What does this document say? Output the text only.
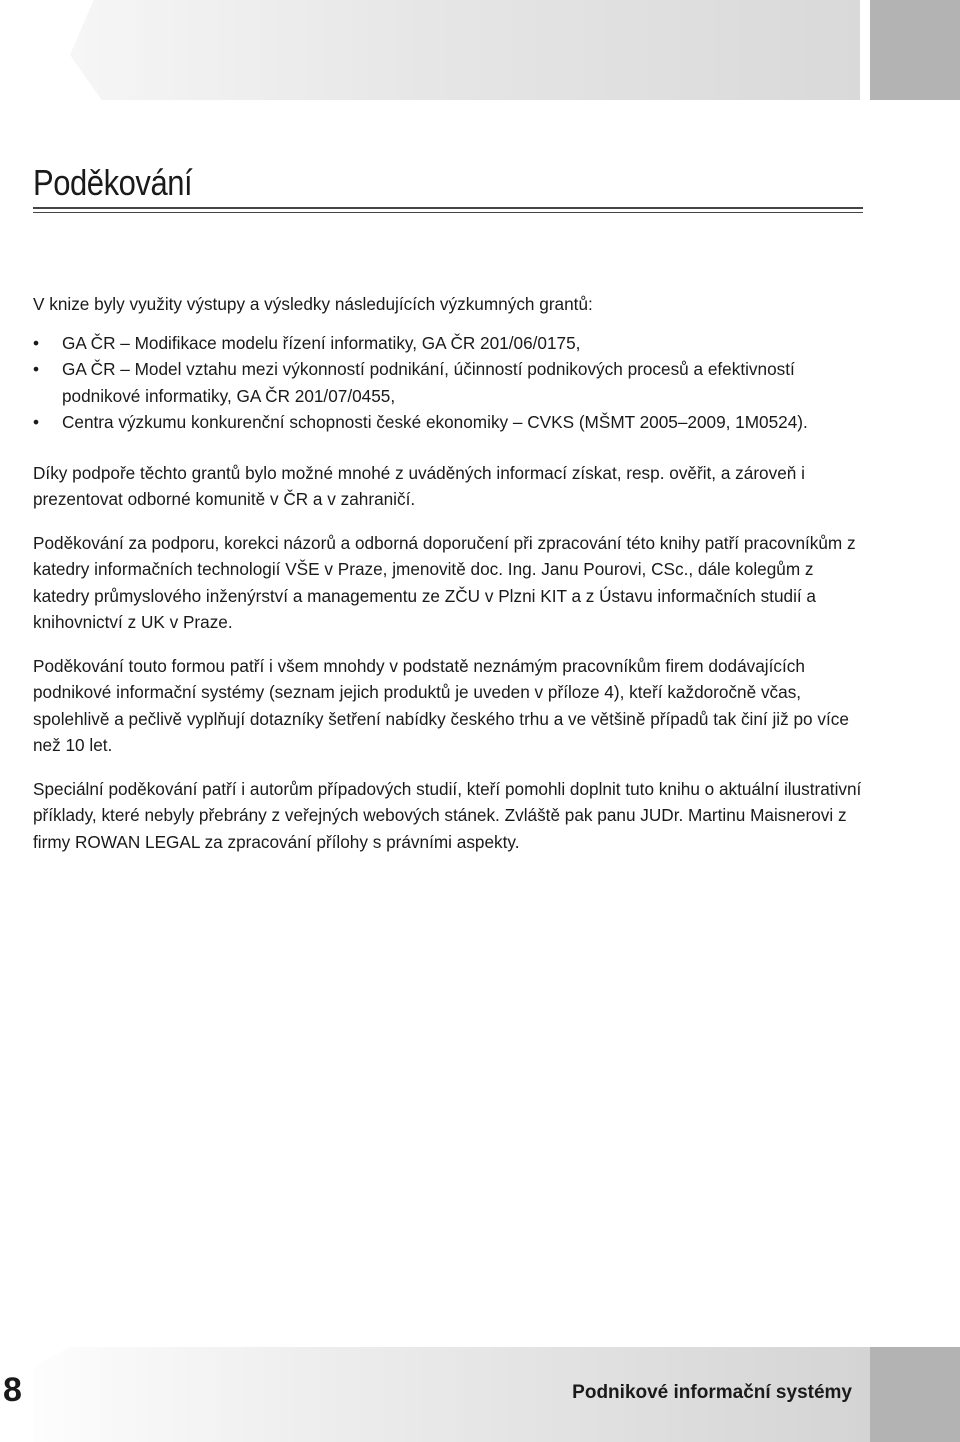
Poděkování

V knize byly využity výstupy a výsledky následujících výzkumných grantů:

• GA ČR – Modifikace modelu řízení informatiky, GA ČR 201/06/0175,
• GA ČR – Model vztahu mezi výkonností podnikání, účinností podnikových procesů a efektivností podnikové informatiky, GA ČR 201/07/0455,
• Centra výzkumu konkurenční schopnosti české ekonomiky – CVKS (MŠMT 2005–2009, 1M0524).

Díky podpoře těchto grantů bylo možné mnohé z uváděných informací získat, resp. ověřit, a zároveň i prezentovat odborné komunitě v ČR a v zahraničí.

Poděkování za podporu, korekci názorů a odborná doporučení při zpracování této knihy patří pracovníkům z katedry informačních technologií VŠE v Praze, jmenovitě doc. Ing. Janu Pourovi, CSc., dále kolegům z katedry průmyslového inženýrství a managementu ze ZČU v Plzni KIT a z Ústavu informačních studií a knihovnictví z UK v Praze.

Poděkování touto formou patří i všem mnohdy v podstatě neznámým pracovníkům firem dodávajících podnikové informační systémy (seznam jejich produktů je uveden v příloze 4), kteří každoročně včas, spolehlivě a pečlivě vyplňují dotazníky šetření nabídky českého trhu a ve většině případů tak činí již po více než 10 let.

Speciální poděkování patří i autorům případových studií, kteří pomohli doplnit tuto knihu o aktuální ilustrativní příklady, které nebyly přebrány z veřejných webových stánek. Zvláště pak panu JUDr. Martinu Maisnerovi z firmy ROWAN LEGAL za zpracování přílohy s právními aspekty.

8	Podnikové informační systémy
